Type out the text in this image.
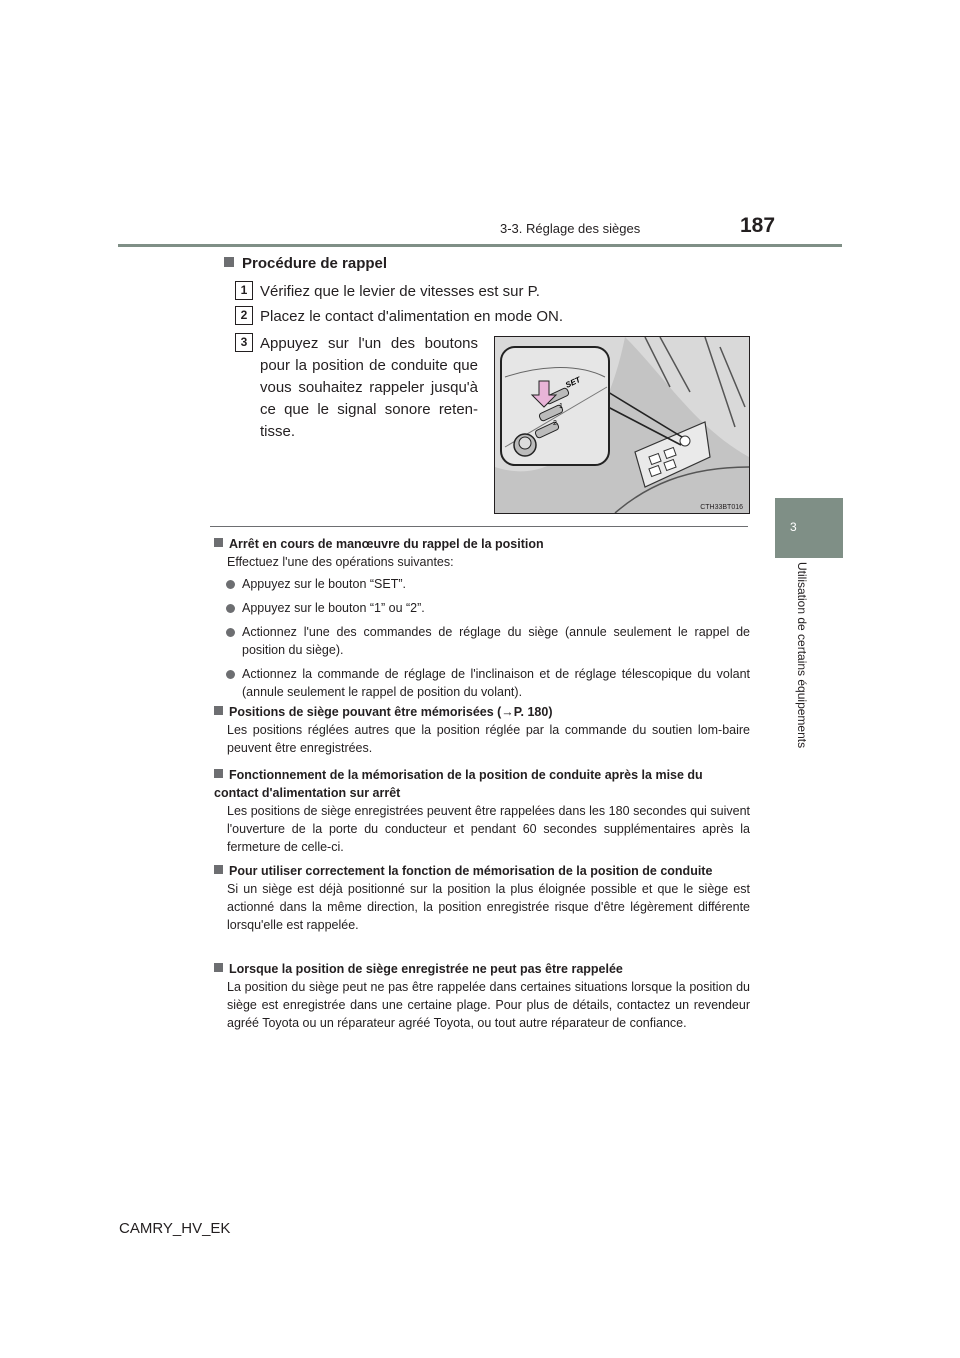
3-3. Réglage des sièges	187
3
Utilisation de certains équipements
Procédure de rappel
1 Vérifiez que le levier de vitesses est sur P.
2 Placez le contact d'alimentation en mode ON.
3 Appuyez sur l'un des boutons pour la position de conduite que vous souhaitez rappeler jusqu'à ce que le signal sonore reten-tisse.
SET
1
2
CTH33BT016
Arrêt en cours de manœuvre du rappel de la position
Effectuez l'une des opérations suivantes:
Appuyez sur le bouton “SET”.
Appuyez sur le bouton “1” ou “2”.
Actionnez l'une des commandes de réglage du siège (annule seulement le rappel de position du siège).
Actionnez la commande de réglage de l'inclinaison et de réglage télescopique du volant (annule seulement le rappel de position du volant).
Positions de siège pouvant être mémorisées (→P. 180)
Les positions réglées autres que la position réglée par la commande du soutien lom-baire peuvent être enregistrées.
Fonctionnement de la mémorisation de la position de conduite après la mise du contact d'alimentation sur arrêt
Les positions de siège enregistrées peuvent être rappelées dans les 180 secondes qui suivent l'ouverture de la porte du conducteur et pendant 60 secondes supplémentaires après la fermeture de celle-ci.
Pour utiliser correctement la fonction de mémorisation de la position de conduite
Si un siège est déjà positionné sur la position la plus éloignée possible et que le siège est actionné dans la même direction, la position enregistrée risque d'être légèrement différente lorsqu'elle est rappelée.
Lorsque la position de siège enregistrée ne peut pas être rappelée
La position du siège peut ne pas être rappelée dans certaines situations lorsque la position du siège est enregistrée dans une certaine plage. Pour plus de détails, contactez un revendeur agréé Toyota ou un réparateur agréé Toyota, ou tout autre réparateur de confiance.
CAMRY_HV_EK
